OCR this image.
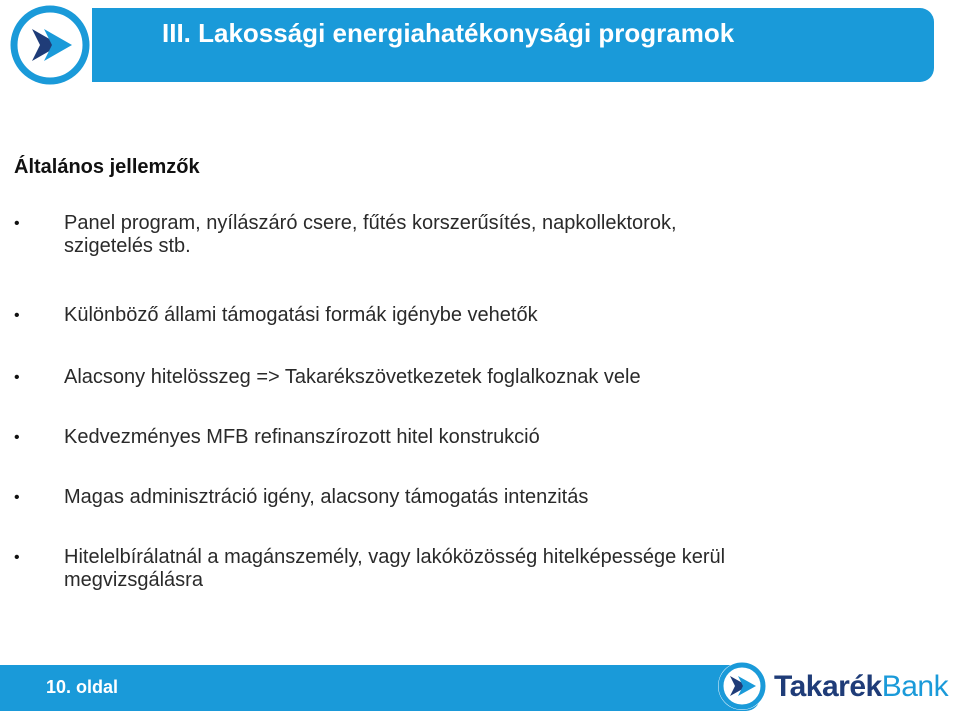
III. Lakossági energiahatékonysági programok
Általános jellemzők
• Panel program, nyílászáró csere, fűtés korszerűsítés, napkollektorok,
szigetelés stb.
• Különböző állami támogatási formák igénybe vehetők
• Alacsony hitelösszeg => Takarékszövetkezetek foglalkoznak vele
• Kedvezményes MFB refinanszírozott hitel konstrukció
• Magas adminisztráció igény, alacsony támogatás intenzitás
• Hitelelbírálatnál a magánszemély, vagy lakóközösség hitelképessége kerül
megvizsgálásra
10. oldal	TakarékBank
